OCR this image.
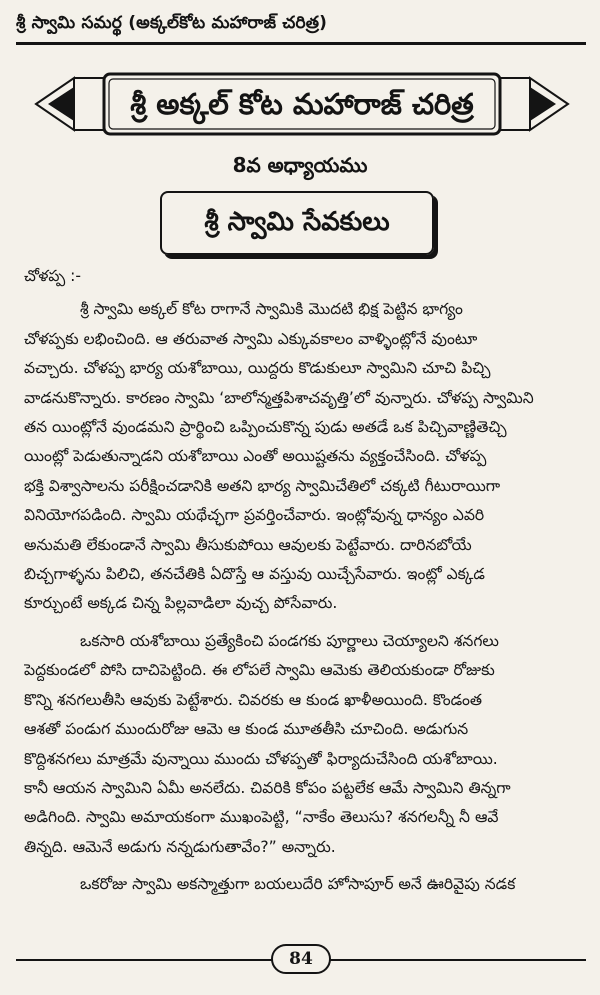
శ్రీ స్వామి సమర్థ (అక్కల్‌కోట మహారాజ్ చరిత్ర)
శ్రీ అక్కల్ కోట మహారాజ్ చరిత్ర
8వ అధ్యాయము
శ్రీ స్వామి సేవకులు
చోళప్ప :-

శ్రీ స్వామి అక్కల్ కోట రాగానే స్వామికి మొదటి భిక్ష పెట్టిన భాగ్యం
చోళప్పకు లభించింది. ఆ తరువాత స్వామి ఎక్కువకాలం వాళ్ళింట్లోనే వుంటూ
వచ్చారు. చోళప్ప భార్య యశోబాయి, యిద్దరు కొడుకులూ స్వామిని చూచి పిచ్చి
వాడనుకొన్నారు. కారణం స్వామి ‘బాలోన్మత్తపిశాచవృత్తి’లో వున్నారు. చోళప్ప స్వామిని
తన యింట్లోనే వుండమని ప్రార్థించి ఒప్పించుకొన్న పుడు అతడే ఒక పిచ్చివాణ్ణితెచ్చి
యింట్లో పెడుతున్నాడని యశోబాయి ఎంతో అయిష్టతను వ్యక్తంచేసింది. చోళప్ప
భక్తి విశ్వాసాలను పరీక్షించడానికి అతని భార్య స్వామిచేతిలో చక్కటి గీటురాయిగా
వినియోగపడింది. స్వామి యథేచ్ఛగా ప్రవర్తించేవారు. ఇంట్లోవున్న ధాన్యం ఎవరి
అనుమతి లేకుండానే స్వామి తీసుకుపోయి ఆవులకు పెట్టేవారు. దారినబోయే
బిచ్చగాళ్ళను పిలిచి, తనచేతికి ఏదొస్తే ఆ వస్తువు యిచ్చేసేవారు. ఇంట్లో ఎక్కడ
కూర్చుంటే అక్కడ చిన్న పిల్లవాడిలా వుచ్చ పోసేవారు.

ఒకసారి యశోబాయి ప్రత్యేకించి పండగకు పూర్ణాలు చెయ్యాలని శనగలు
పెద్దకుండలో పోసి దాచిపెట్టింది. ఈ లోపలే స్వామి ఆమెకు తెలియకుండా రోజుకు
కొన్ని శనగలుతీసి ఆవుకు పెట్టేశారు. చివరకు ఆ కుండ ఖాళీఅయింది. కొండంత
ఆశతో పండుగ ముందురోజు ఆమె ఆ కుండ మూతతీసి చూచింది. అడుగున
కొద్దిశనగలు మాత్రమే వున్నాయి ముందు చోళప్పతో ఫిర్యాదుచేసింది యశోబాయి.
కానీ ఆయన స్వామిని ఏమీ అనలేదు. చివరికి కోపం పట్టలేక ఆమే స్వామిని తిన్నగా
అడిగింది. స్వామి అమాయకంగా ముఖంపెట్టి, “నాకేం తెలుసు? శనగలన్నీ నీ ఆవే
తిన్నది. ఆమెనే అడుగు నన్నడుగుతావేం?” అన్నారు.

ఒకరోజు స్వామి అకస్మాత్తుగా బయలుదేరి హోసాపూర్ అనే ఊరివైపు నడక

84
